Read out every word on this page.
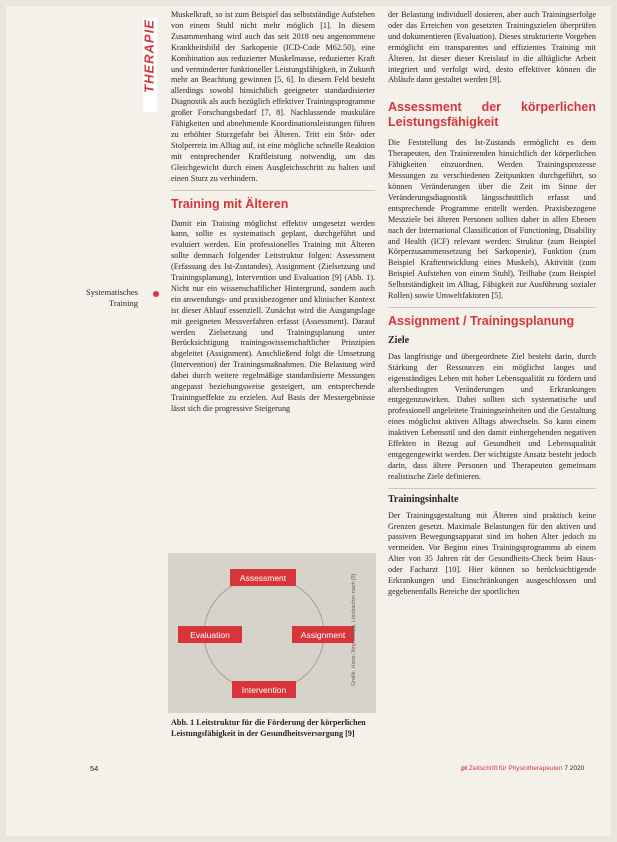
THERAPIE
Systematisches Training

Muskelkraft, so ist zum Beispiel das selbstständige Aufstehen von einem Stuhl nicht mehr möglich [1]. In diesem Zusammenhang wird auch das seit 2018 neu angenommene Krankheitsbild der Sarkopenie (ICD-Code M62.50), eine Kombination aus reduzierter Muskelmasse, reduzierter Kraft und verminderter funktioneller Leistungsfähigkeit, in Zukunft mehr an Beachtung gewinnen [5, 6]. In diesem Feld besteht allerdings sowohl hinsichtlich geeigneter standardisierter Diagnostik als auch bezüglich effektiver Trainingsprogramme großer Forschungsbedarf [7, 8]. Nachlassende muskuläre Fähigkeiten und abnehmende Koordinationsleistungen führen zu erhöhter Sturzgefahr bei Älteren. Tritt ein Stör- oder Stolperreiz im Alltag auf, ist eine mögliche schnelle Reaktion mit entsprechender Kraftleistung notwendig, um das Gleichgewicht durch einen Ausgleichsschritt zu halten und einen Sturz zu verhindern.

Training mit Älteren

Damit ein Training möglichst effektiv umgesetzt werden kann, sollte es systematisch geplant, durchgeführt und evaluiert werden. Ein professionelles Training mit Älteren sollte demnach folgender Leitstruktur folgen: Assessment (Erfassung des Ist-Zustandes), Assignment (Zielsetzung und Trainingsplanung), Intervention und Evaluation [9] (Abb. 1). Nicht nur ein wissenschaftlicher Hintergrund, sondern auch ein anwendungs- und praxisbezogener und klinischer Kontext ist dieser Ablauf essenziell. Zunächst wird die Ausgangslage mit geeigneten Messverfahren erfasst (Assessment). Darauf werden Zielsetzung und Trainingsplanung unter Berücksichtigung trainingswissenschaftlicher Prinzipien abgeleitet (Assignment). Anschließend folgt die Umsetzung (Intervention) der Trainingsmaßnahmen. Die Belastung wird dabei durch weitere regelmäßige standardisierte Messungen angepasst beziehungsweise gesteigert, um entsprechende Trainingseffekte zu erzielen. Auf Basis der Messergebnisse lässt sich die progressive Steigerung

Assessment
Evaluation	Assignment
Intervention
Grafik: Hans-Jörg Gaupp, Lienbacher nach [9]
Abb. 1 Leitstruktur für die Förderung der körperlichen Leistungsfähigkeit in der Gesundheitsversorgung [9]

der Belastung individuell dosieren, aber auch Trainingserfolge oder das Erreichen von gesetzten Trainingszielen überprüfen und dokumentieren (Evaluation). Dieses strukturierte Vorgehen ermöglicht ein transparentes und effizientes Training mit Älteren. Ist dieser dieser Kreislauf in die alltägliche Arbeit integriert und verfolgt wird, desto effektiver können die Abläufe dann gestaltet werden [9].

Assessment der körperlichen Leistungsfähigkeit

Die Feststellung des Ist-Zustands ermöglicht es dem Therapeuten, den Trainierenden hinsichtlich der körperlichen Fähigkeiten einzuordnen. Werden Trainingsprozesse Messungen zu verschiedenen Zeitpunkten durchgeführt, so können Veränderungen über die Zeit im Sinne der Veränderungsdiagnostik längsschnittlich erfasst und entsprechende Programme erstellt werden. Praxisbezogene Messziele bei älteren Personen sollten daher in allen Ebenen nach der International Classification of Functioning, Disability and Health (ICF) relevant werden: Struktur (zum Beispiel Körperzusammensetzung bei Sarkopenie), Funktion (zum Beispiel Kraftentwicklung eines Muskels), Aktivität (zum Beispiel Aufstehen von einem Stuhl), Teilhabe (zum Beispiel Selbstständigkeit im Alltag, Fähigkeit zur Ausführung sozialer Rollen) sowie Umweltfaktoren [5].

Assignment / Trainingsplanung
Ziele

Das langfristige und übergeordnete Ziel besteht darin, durch Stärkung der Ressourcen ein möglichst langes und eigenständiges Leben mit hoher Lebensqualität zu fördern und altersbedingten Veränderungen und Erkrankungen entgegenzuwirken. Dabei sollten sich systematische und professionell angeleitete Trainingseinheiten und die Gestaltung eines möglichst aktiven Alltags abwechseln. So kann einem inaktiven Lebensstil und den damit einhergehenden negativen Effekten in Bezug auf Gesundheit und Lebensqualität entgegengewirkt werden. Der wichtigste Ansatz besteht jedoch darin, dass ältere Personen und Therapeuten gemeinsam realistische Ziele definieren.

Trainingsinhalte

Der Trainingsgestaltung mit Älteren sind praktisch keine Grenzen gesetzt. Maximale Belastungen für den aktiven und passiven Bewegungsapparat sind im hohen Alter jedoch zu vermeiden. Vor Beginn eines Trainingsprogramms ab einem Alter von 35 Jahren rät der Gesundheits-Check beim Haus- oder Facharzt [10]. Hier können so berücksichtigende Erkrankungen und Einschränkungen ausgeschlossen und gegebenenfalls Bereiche der sportlichen

54	pt Zeitschrift für Physiotherapeuten 7 2020
